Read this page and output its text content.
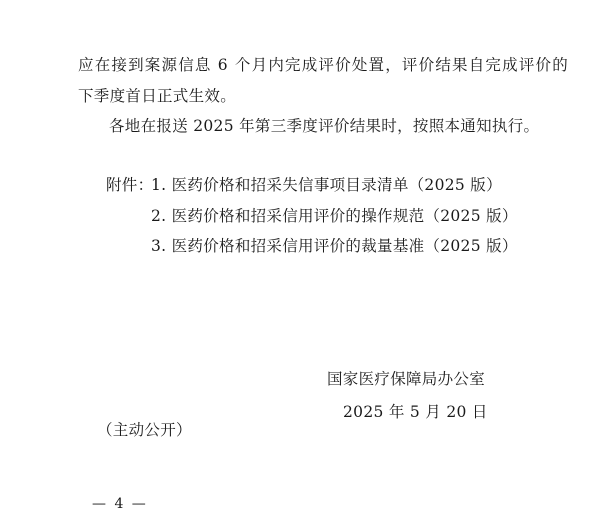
应在接到案源信息 6 个月内完成评价处置，评价结果自完成评价的
下季度首日正式生效。
各地在报送 2025 年第三季度评价结果时，按照本通知执行。
附件：
1. 医药价格和招采失信事项目录清单（2025 版）
2. 医药价格和招采信用评价的操作规范（2025 版）
3. 医药价格和招采信用评价的裁量基准（2025 版）
国家医疗保障局办公室
2025 年 5 月 20 日
（主动公开）
— 4 —
